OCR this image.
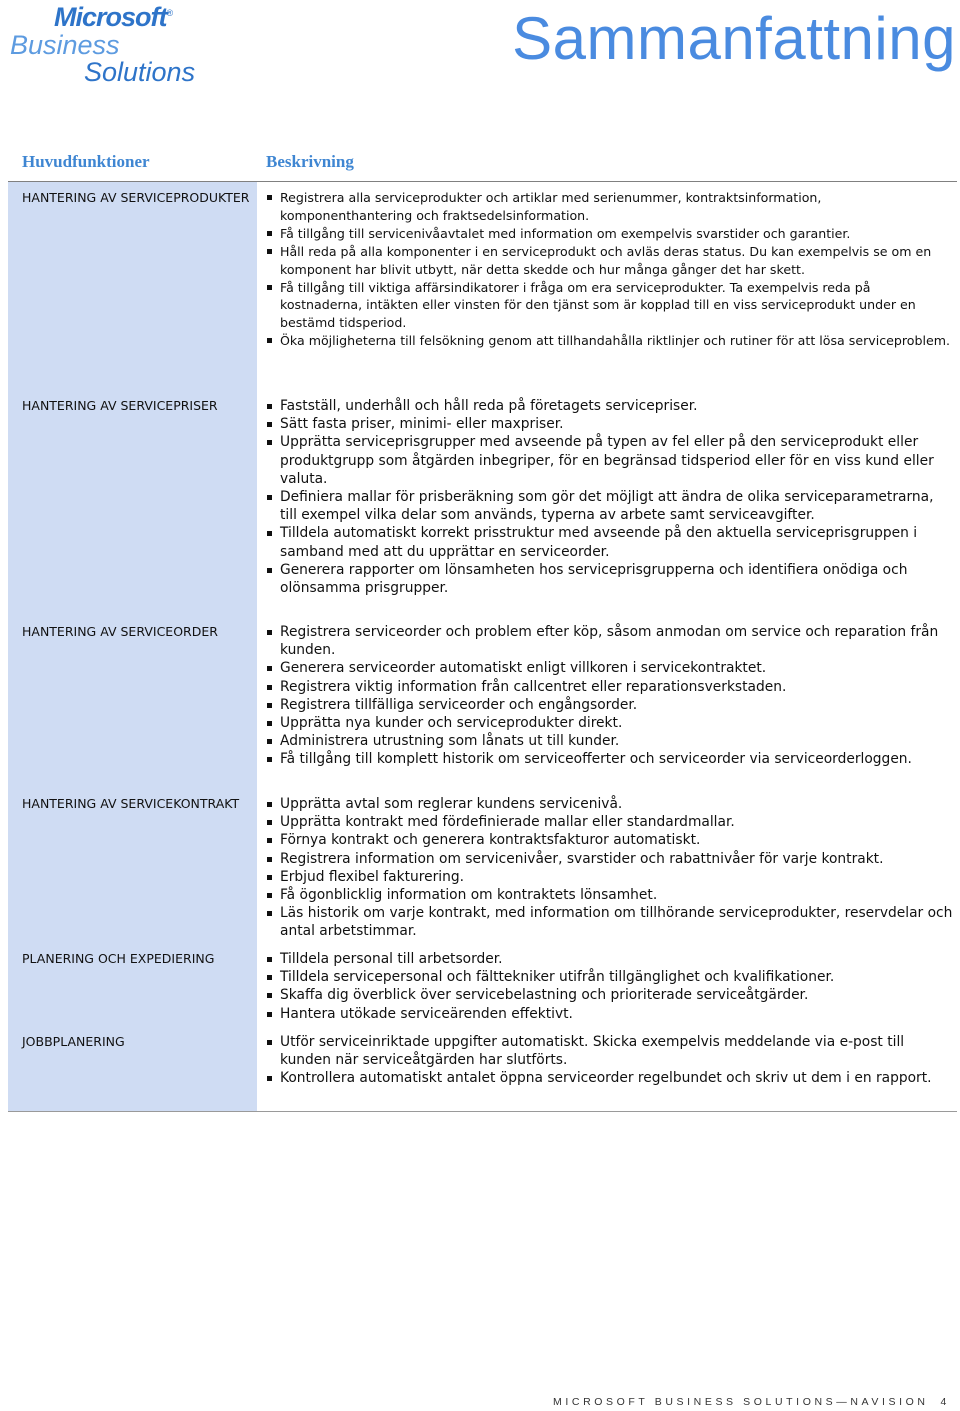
Microsoft®
Business
Solutions	Sammanfattning
Huvudfunktioner	Beskrivning
HANTERING AV SERVICEPRODUKTER	Registrera alla serviceprodukter och artiklar med serienummer, kontraktsinformation, komponenthantering och fraktsedelsinformation.
Få tillgång till servicenivåavtalet med information om exempelvis svarstider och garantier.
Håll reda på alla komponenter i en serviceprodukt och avläs deras status. Du kan exempelvis se om en komponent har blivit utbytt, när detta skedde och hur många gånger det har skett.
Få tillgång till viktiga affärsindikatorer i fråga om era serviceprodukter. Ta exempelvis reda på kostnaderna, intäkten eller vinsten för den tjänst som är kopplad till en viss serviceprodukt under en bestämd tidsperiod.
Öka möjligheterna till felsökning genom att tillhandahålla riktlinjer och rutiner för att lösa serviceproblem.
HANTERING AV SERVICEPRISER	Fastställ, underhåll och håll reda på företagets servicepriser.
Sätt fasta priser, minimi- eller maxpriser.
Upprätta serviceprisgrupper med avseende på typen av fel eller på den serviceprodukt eller produktgrupp som åtgärden inbegriper, för en begränsad tidsperiod eller för en viss kund eller valuta.
Definiera mallar för prisberäkning som gör det möjligt att ändra de olika serviceparametrarna, till exempel vilka delar som används, typerna av arbete samt serviceavgifter.
Tilldela automatiskt korrekt prisstruktur med avseende på den aktuella serviceprisgruppen i samband med att du upprättar en serviceorder.
Generera rapporter om lönsamheten hos serviceprisgrupperna och identifiera onödiga och olönsamma prisgrupper.
HANTERING AV SERVICEORDER	Registrera serviceorder och problem efter köp, såsom anmodan om service och reparation från kunden.
Generera serviceorder automatiskt enligt villkoren i servicekontraktet.
Registrera viktig information från callcentret eller reparationsverkstaden.
Registrera tillfälliga serviceorder och engångsorder.
Upprätta nya kunder och serviceprodukter direkt.
Administrera utrustning som lånats ut till kunder.
Få tillgång till komplett historik om serviceofferter och serviceorder via serviceorderloggen.
HANTERING AV SERVICEKONTRAKT	Upprätta avtal som reglerar kundens servicenivå.
Upprätta kontrakt med fördefinierade mallar eller standardmallar.
Förnya kontrakt och generera kontraktsfakturor automatiskt.
Registrera information om servicenivåer, svarstider och rabattnivåer för varje kontrakt.
Erbjud flexibel fakturering.
Få ögonblicklig information om kontraktets lönsamhet.
Läs historik om varje kontrakt, med information om tillhörande serviceprodukter, reservdelar och antal arbetstimmar.
PLANERING OCH EXPEDIERING	Tilldela personal till arbetsorder.
Tilldela servicepersonal och fälttekniker utifrån tillgänglighet och kvalifikationer.
Skaffa dig överblick över servicebelastning och prioriterade serviceåtgärder.
Hantera utökade serviceärenden effektivt.
JOBBPLANERING	Utför serviceinriktade uppgifter automatiskt. Skicka exempelvis meddelande via e-post till kunden när serviceåtgärden har slutförts.
Kontrollera automatiskt antalet öppna serviceorder regelbundet och skriv ut dem i en rapport.
MICROSOFT BUSINESS SOLUTIONS—NAVISION 4
